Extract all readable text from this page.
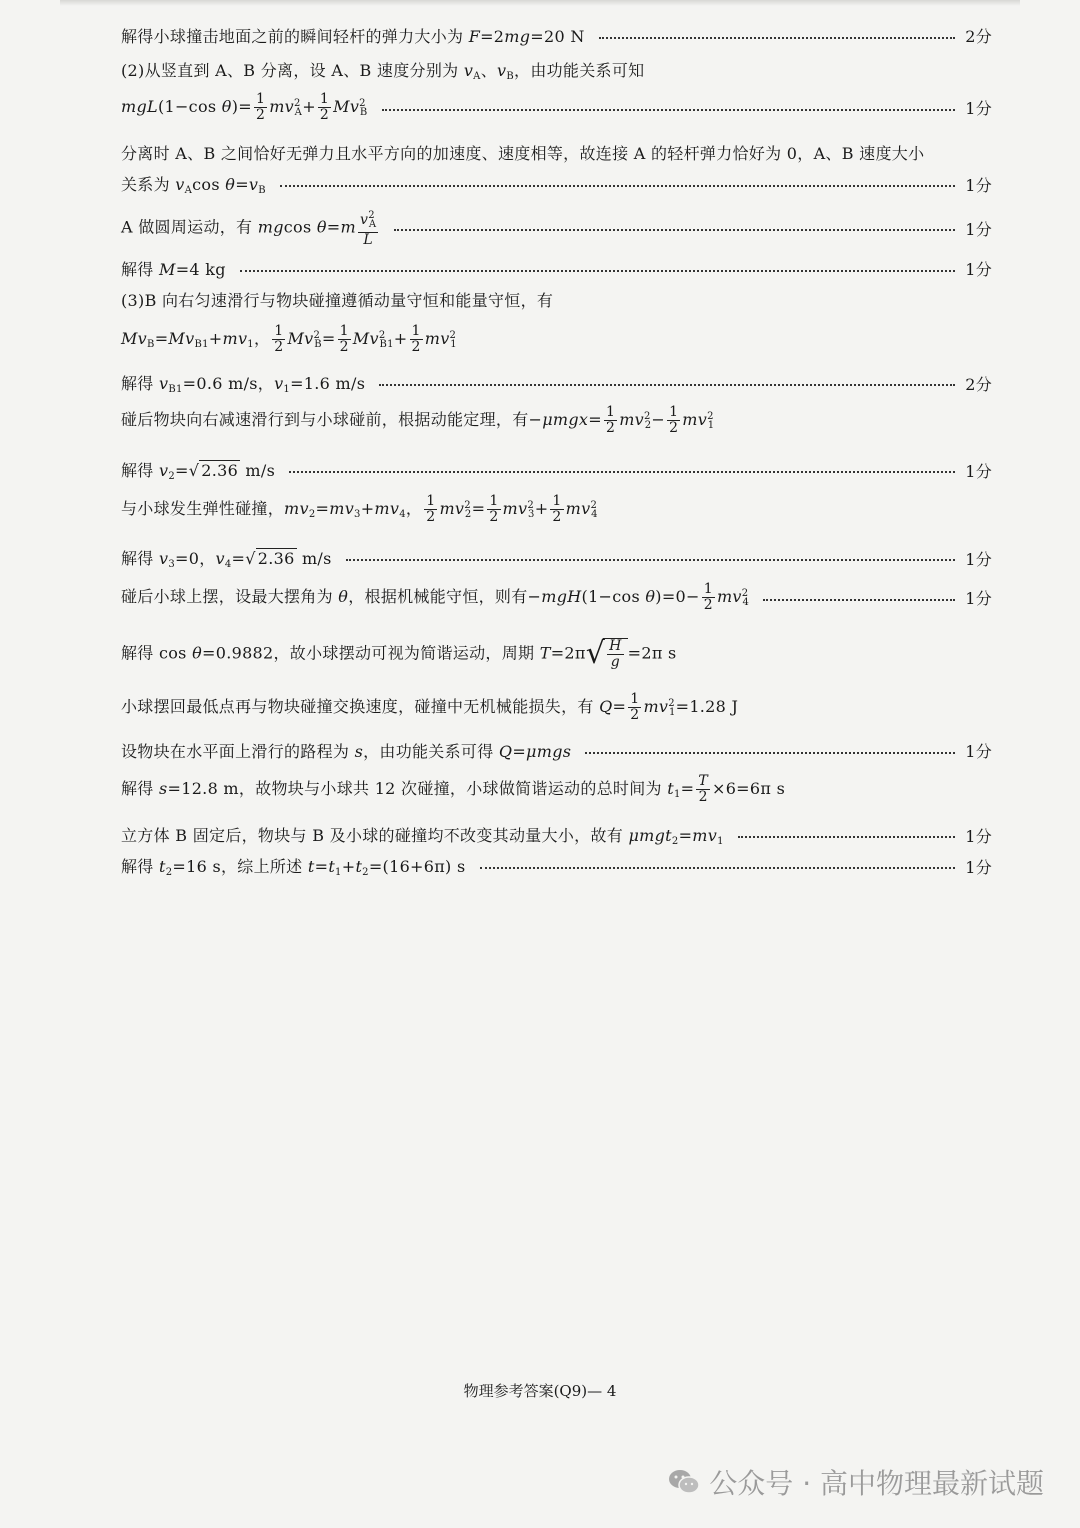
解得小球撞击地面之前的瞬间轻杆的弹力大小为 F=2mg=20 N	2分
(2)从竖直到 A、B 分离，设 A、B 速度分别为 $v_A$、$v_B$，由功能关系可知
mgL(1−cos $\theta)= \frac{1}{2} mv^2_A+ \frac{1}{2} Mv^2_B$	1分
分离时 A、B 之间恰好无弹力且水平方向的加速度、速度相等，故连接 A 的轻杆弹力恰好为 0，A、B 速度大小
关系为 $v_A\cos$ $\theta=v_B$	1分
A 做圆周运动，有 mgcos $\theta=m \frac{v^2_A}{L}$	1分
解得 M=4 kg	1分
(3)B 向右匀速滑行与物块碰撞遵循动量守恒和能量守恒，有
$Mv_B=Mv_{B1}+mv_1$， $\frac{1}{2} Mv^2_B= \frac{1}{2} Mv^2_{B1}+ \frac{1}{2} mv^2_1$
解得 $v_{B1}=0.6$ m/s，$v_1=1.6$ m/s	2分
碰后物块向右减速滑行到与小球碰前，根据动能定理，有$-\mu mgx= \frac{1}{2} mv^2_2- \frac{1}{2} mv^2_1$
解得 $v_2=√$ 2.36 m/s	1分
与小球发生弹性碰撞，$mv_2=mv_3+mv_4$， $\frac{1}{2} mv^2_2= \frac{1}{2} mv^2_3+ \frac{1}{2} mv^2_4$
解得 $v_3=0$，$v_4=√$ 2.36 m/s	1分
碰后小球上摆，设最大摆角为 θ，根据机械能守恒，则有−mgH(1−cos $\theta)=0- \frac{1}{2} mv^2_4$	1分
解得 cos θ=0.9882，故小球摆动可视为简谐运动，周期 T=2π √ $\frac{H}{g} =2\pi$ s
小球摆回最低点再与物块碰撞交换速度，碰撞中无机械能损失，有 $Q= \frac{1}{2} mv^2_1=1.28$ J
设物块在水平面上滑行的路程为 s，由功能关系可得 Q=μmgs	1分
解得 s=12.8 m，故物块与小球共 12 次碰撞，小球做简谐运动的总时间为 $t_1= \frac{T}{2} \times 6=6\pi$ s
立方体 B 固定后，物块与 B 及小球的碰撞均不改变其动量大小，故有 $\mu mgt_2=mv_1$	1分
解得 $t_2=16$ s，综上所述 $t=t_1+t_2=(16+6\pi)$ s	1分
物理参考答案(Q9)— 4
公众号 · 高中物理最新试题
